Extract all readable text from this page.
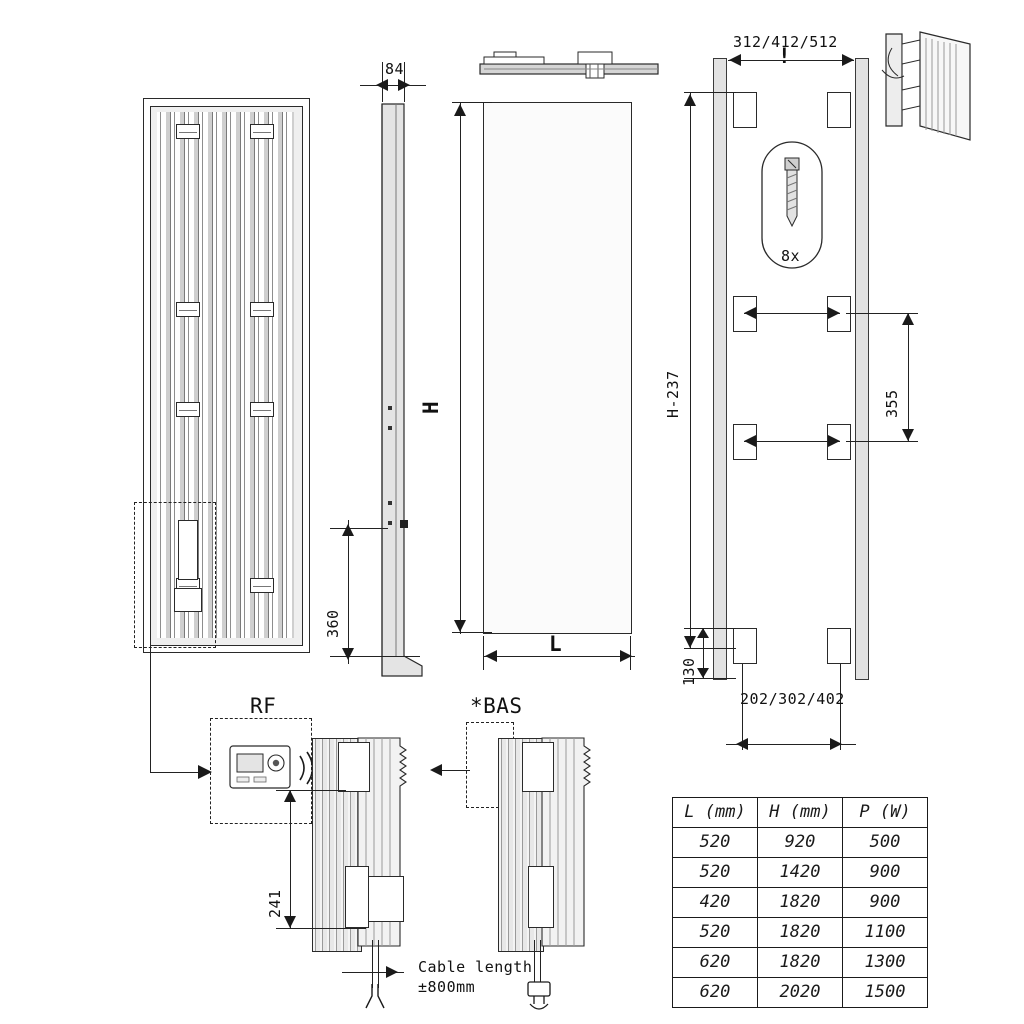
84
360
H
L
8x
!
312/412/512
H-237	355
130
202/302/402
RF
241
Cable length
±800mm
*BAS
L (mm)	H (mm)	P (W)
520	920	500
520	1420	900
420	1820	900
520	1820	1100
620	1820	1300
620	2020	1500
